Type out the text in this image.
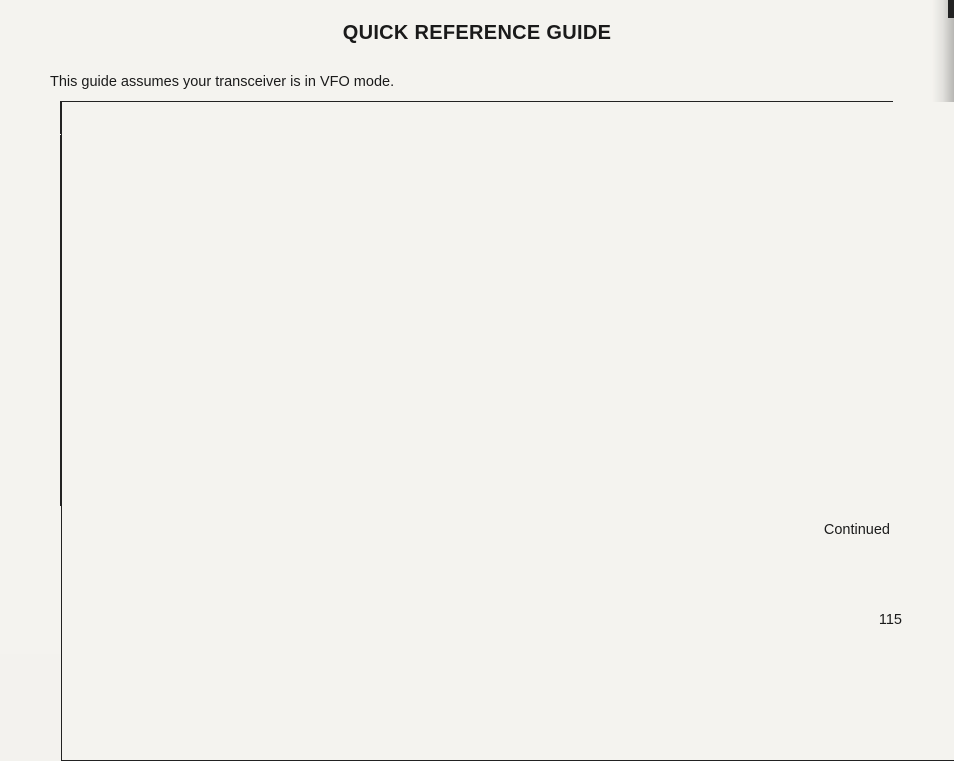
QUICK REFERENCE GUIDE
This guide assumes your transceiver is in VFO mode.

Continued
115
